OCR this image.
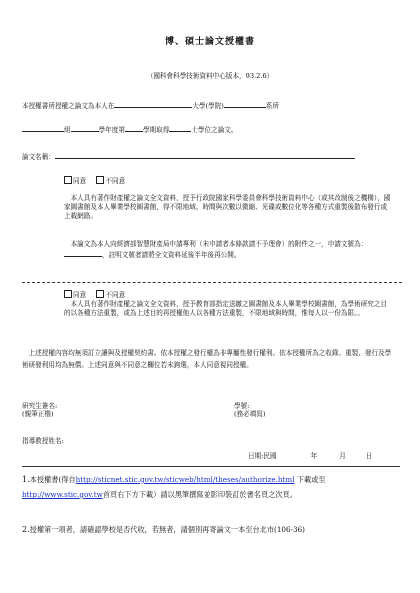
博、碩士論文授權書
（國科會科學技術資料中心版本，93.2.6）
本授權書所授權之論文為本人在	大學(學院)	系所
組	學年度第	學期取得	士學位之論文。
論文名稱：
同意	不同意
本人具有著作財產權之論文全文資料，授予行政院國家科學委員會科學技術資料中心（或其改制後之機構），國家圖書館及本人畢業學校圖書館，得不限地域、時間與次數以微縮、光碟或數位化等各種方式重製後散布發行或上載網路。
本論文為本人向經濟部智慧財產局申請專利（未申請者本條款請不予理會）的附件之一，申請文號為：，註明文號者請將全文資料延後半年後再公開。
同意	不同意
本人具有著作財產權之論文全文資料，授予教育部指定送繳之圖書館及本人畢業學校圖書館，為學術研究之目的以各種方法重製，或為上述目的再授權他人以各種方法重製，不限地域與時間，惟每人以一份為限。。
上述授權內容均無須訂立讓與及授權契約書。依本授權之發行權為非專屬性發行權利。依本授權所為之收錄、重製、發行及學術研發利用均為無償。上述同意與不同意之欄位若未鉤選，本人同意視同授權。
研究生簽名:
(親筆正楷)
學號:
(務必填寫)
指導教授姓名:
日期:民國	年	月	日
1.本授權書(得自http://sticnet.stic.gov.tw/sticweb/html/theses/authorize.html 下載或至http://www.stic.gov.tw首頁右下方下載）請以黑筆撰寫並影印裝訂於書名頁之次頁。
2.授權第一項者，請確認學校是否代收，若無者，請個別再寄論文一本至台北市(106-36)
